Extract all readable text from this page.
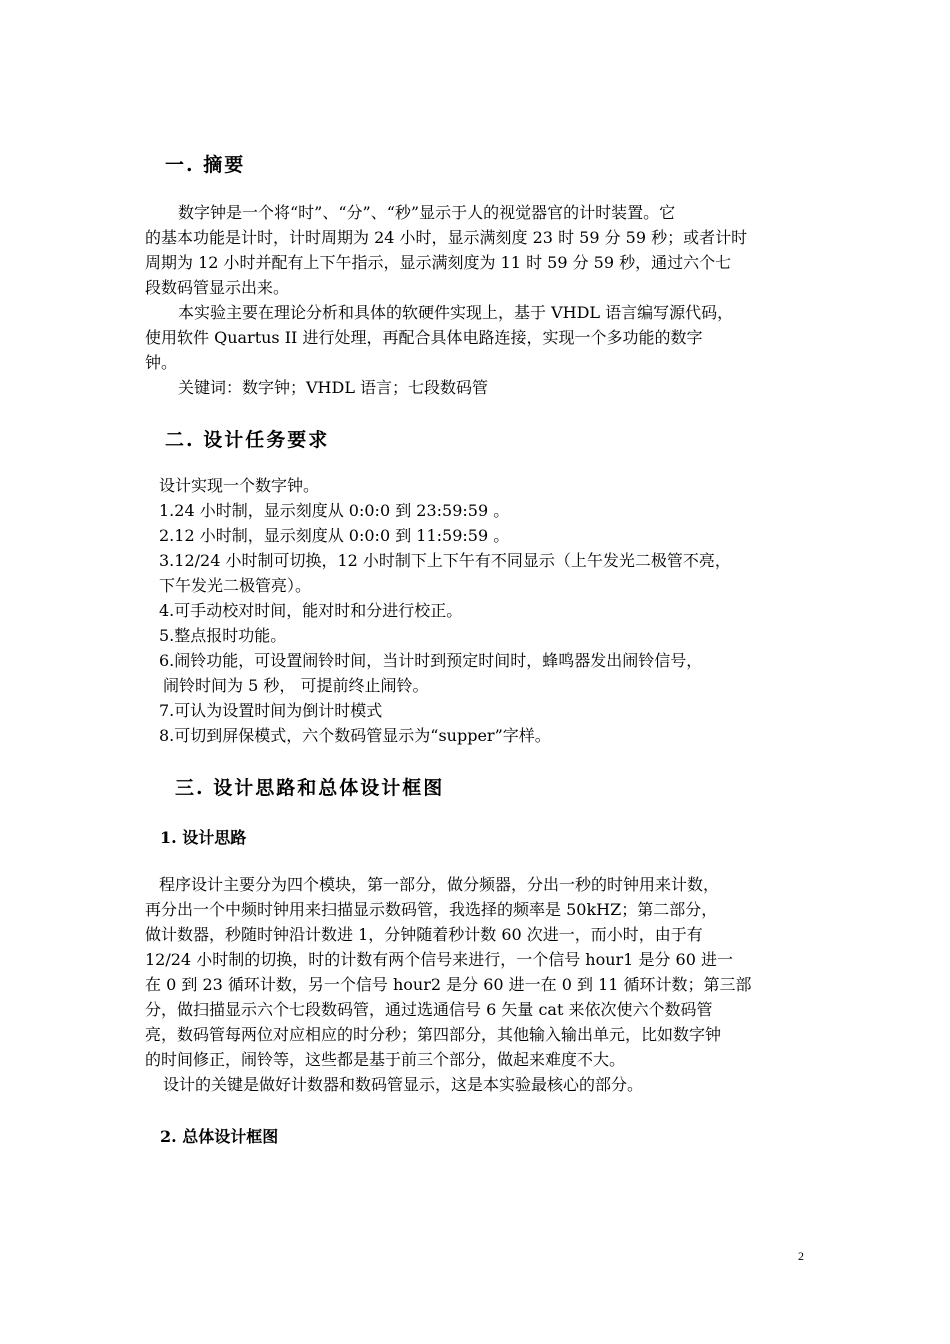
一. 摘要
数字钟是一个将“时”、“分”、“秒”显示于人的视觉器官的计时装置。它
的基本功能是计时，计时周期为 24 小时，显示满刻度 23 时 59 分 59 秒；或者计时
周期为 12 小时并配有上下午指示，显示满刻度为 11 时 59 分 59 秒，通过六个七
段数码管显示出来。
本实验主要在理论分析和具体的软硬件实现上，基于 VHDL 语言编写源代码，
使用软件 Quartus II 进行处理，再配合具体电路连接，实现一个多功能的数字
钟。
关键词：数字钟；VHDL 语言；七段数码管
二. 设计任务要求
设计实现一个数字钟。
1.24 小时制，显示刻度从 0:0:0 到 23:59:59 。
2.12 小时制，显示刻度从 0:0:0 到 11:59:59 。
3.12/24 小时制可切换，12 小时制下上下午有不同显示（上午发光二极管不亮，
下午发光二极管亮）。
4.可手动校对时间，能对时和分进行校正。
5.整点报时功能。
6.闹铃功能，可设置闹铃时间，当计时到预定时间时，蜂鸣器发出闹铃信号，
闹铃时间为 5 秒， 可提前终止闹铃。
7.可认为设置时间为倒计时模式
8.可切到屏保模式，六个数码管显示为“supper”字样。
三. 设计思路和总体设计框图
1. 设计思路
程序设计主要分为四个模块，第一部分，做分频器，分出一秒的时钟用来计数，
再分出一个中频时钟用来扫描显示数码管，我选择的频率是 50kHZ；第二部分，
做计数器，秒随时钟沿计数进 1，分钟随着秒计数 60 次进一，而小时，由于有
12/24 小时制的切换，时的计数有两个信号来进行，一个信号 hour1 是分 60 进一
在 0 到 23 循环计数，另一个信号 hour2 是分 60 进一在 0 到 11 循环计数；第三部
分，做扫描显示六个七段数码管，通过选通信号 6 矢量 cat 来依次使六个数码管
亮，数码管每两位对应相应的时分秒；第四部分，其他输入输出单元，比如数字钟
的时间修正，闹铃等，这些都是基于前三个部分，做起来难度不大。
设计的关键是做好计数器和数码管显示，这是本实验最核心的部分。
2. 总体设计框图
2
